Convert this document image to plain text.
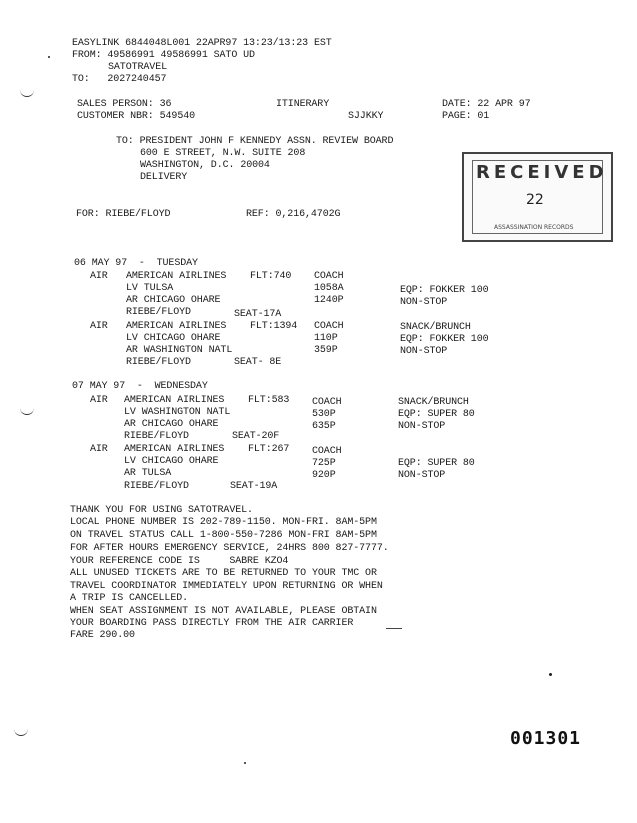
EASYLINK 6844048L001 22APR97 13:23/13:23 EST
FROM: 49586991 49586991 SATO UD
SATOTRAVEL
TO:   2027240457
SALES PERSON: 36
CUSTOMER NBR: 549540
ITINERARY
SJJKKY
DATE: 22 APR 97
PAGE: 01
TO: PRESIDENT JOHN F KENNEDY ASSN. REVIEW BOARD
600 E STREET, N.W. SUITE 208
WASHINGTON, D.C. 20004
DELIVERY	RECEIVED
22
ASSASSINATION RECORDS
FOR: RIEBE/FLOYD	REF: 0,216,4702G
06 MAY 97  -  TUESDAY
AIR AMERICAN AIRLINES FLT:740 COACH
LV TULSA	1058A	EQP: FOKKER 100
AR CHICAGO OHARE	1240P	NON-STOP
RIEBE/FLOYD	SEAT-17A
AIR AMERICAN AIRLINES FLT:1394 COACH	SNACK/BRUNCH
LV CHICAGO OHARE	110P	EQP: FOKKER 100
AR WASHINGTON NATL	359P	NON-STOP
RIEBE/FLOYD	SEAT- 8E
07 MAY 97  -  WEDNESDAY
AIR AMERICAN AIRLINES FLT:583 COACH	SNACK/BRUNCH
LV WASHINGTON NATL	530P	EQP: SUPER 80
AR CHICAGO OHARE	635P	NON-STOP
RIEBE/FLOYD	SEAT-20F
AIR AMERICAN AIRLINES FLT:267 COACH
LV CHICAGO OHARE	725P	EQP: SUPER 80
AR TULSA	920P	NON-STOP
RIEBE/FLOYD	SEAT-19A
THANK YOU FOR USING SATOTRAVEL.
LOCAL PHONE NUMBER IS 202-789-1150. MON-FRI. 8AM-5PM
ON TRAVEL STATUS CALL 1-800-550-7286 MON-FRI 8AM-5PM
FOR AFTER HOURS EMERGENCY SERVICE, 24HRS 800 827-7777.
YOUR REFERENCE CODE IS     SABRE KZO4
ALL UNUSED TICKETS ARE TO BE RETURNED TO YOUR TMC OR
TRAVEL COORDINATOR IMMEDIATELY UPON RETURNING OR WHEN
A TRIP IS CANCELLED.
WHEN SEAT ASSIGNMENT IS NOT AVAILABLE, PLEASE OBTAIN
YOUR BOARDING PASS DIRECTLY FROM THE AIR CARRIER
FARE 290.00
001301
